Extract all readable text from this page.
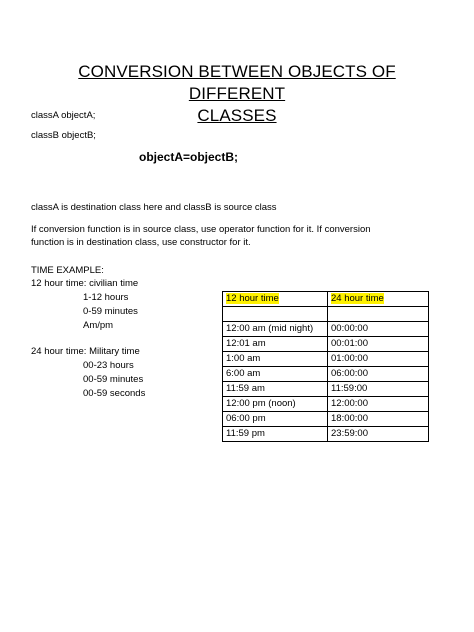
CONVERSION BETWEEN OBJECTS OF DIFFERENT
CLASSES
classA objectA;
classB objectB;
objectA=objectB;
classA is destination class here and classB is source class
If conversion function is in source class, use operator function for it. If conversion
function is in destination class, use constructor for it.
TIME EXAMPLE:
12 hour time: civilian time
1-12 hours
0-59 minutes
Am/pm
24 hour time: Military time
00-23 hours
00-59 minutes
00-59 seconds
12 hour time	24 hour time

12:00 am (mid night)	00:00:00
12:01 am	00:01:00
1:00 am	01:00:00
6:00 am	06:00:00
11:59 am	11:59:00
12:00 pm (noon)	12:00:00
06:00 pm	18:00:00
11:59 pm	23:59:00
